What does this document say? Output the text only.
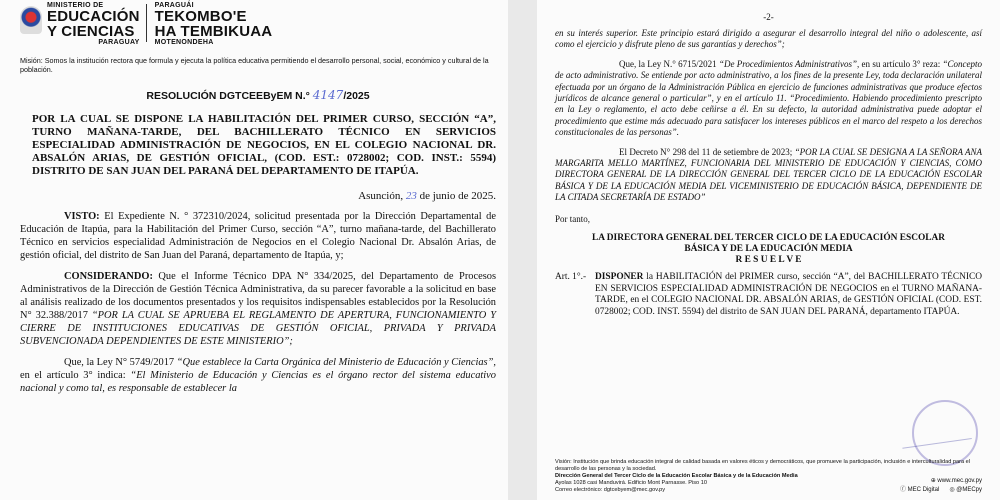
MINISTERIO DE
EDUCACIÓN
Y CIENCIAS
PARAGUAY
PARAGUÁI
TEKOMBO'E
HA TEMBIKUAA
MOTENONDEHA
Misión: Somos la institución rectora que formula y ejecuta la política educativa permitiendo el desarrollo personal, social, económico y cultural de la población.
RESOLUCIÓN DGTCEEByEM N.° 4147/2025
POR LA CUAL SE DISPONE LA HABILITACIÓN DEL PRIMER CURSO, SECCIÓN “A”, TURNO MAÑANA-TARDE, DEL BACHILLERATO TÉCNICO EN SERVICIOS ESPECIALIDAD ADMINISTRACIÓN DE NEGOCIOS, EN EL COLEGIO NACIONAL DR. ABSALÓN ARIAS, DE GESTIÓN OFICIAL, (COD. EST.: 0728002; COD. INST.: 5594) DISTRITO DE SAN JUAN DEL PARANÁ DEL DEPARTAMENTO DE ITAPÚA.
Asunción, 23 de junio de 2025.
VISTO: El Expediente N. ° 372310/2024, solicitud presentada por la Dirección Departamental de Educación de Itapúa, para la Habilitación del Primer Curso, sección “A”, turno mañana-tarde, del Bachillerato Técnico en servicios especialidad Administración de Negocios en el Colegio Nacional Dr. Absalón Arias, de gestión oficial, del distrito de San Juan del Paraná, departamento de Itapúa, y;
CONSIDERANDO: Que el Informe Técnico DPA N° 334/2025, del Departamento de Procesos Administrativos de la Dirección de Gestión Técnica Administrativa, da su parecer favorable a la solicitud en base al análisis realizado de los documentos presentados y los requisitos indispensables establecidos por la Resolución N° 32.388/2017 “POR LA CUAL SE APRUEBA EL REGLAMENTO DE APERTURA, FUNCIONAMIENTO Y CIERRE DE INSTITUCIONES EDUCATIVAS DE GESTIÓN OFICIAL, PRIVADA Y PRIVADA SUBVENCIONADA DEPENDIENTES DE ESTE MINISTERIO”;
Que, la Ley N° 5749/2017 “Que establece la Carta Orgánica del Ministerio de Educación y Ciencias”, en el artículo 3° indica: “El Ministerio de Educación y Ciencias es el órgano rector del sistema educativo nacional y como tal, es responsable de establecer la
-2-
en su interés superior. Este principio estará dirigido a asegurar el desarrollo integral del niño o adolescente, así como el ejercicio y disfrute pleno de sus garantías y derechos”;
Que, la Ley N.° 6715/2021 “De Procedimientos Administrativos”, en su artículo 3° reza: “Concepto de acto administrativo. Se entiende por acto administrativo, a los fines de la presente Ley, toda declaración unilateral efectuada por un órgano de la Administración Pública en ejercicio de funciones administrativas que produce efectos jurídicos de alcance general o particular”, y en el artículo 11. “Procedimiento. Habiendo procedimiento prescripto en la Ley o reglamento, el acto debe ceñirse a él. En su defecto, la autoridad administrativa puede adoptar el procedimiento que estime más adecuado para satisfacer los intereses públicos en el marco del respeto a los derechos constitucionales de las personas”.
El Decreto N° 298 del 11 de setiembre de 2023; “POR LA CUAL SE DESIGNA A LA SEÑORA ANA MARGARITA MELLO MARTÍNEZ, FUNCIONARIA DEL MINISTERIO DE EDUCACIÓN Y CIENCIAS, COMO DIRECTORA GENERAL DE LA DIRECCIÓN GENERAL DEL TERCER CICLO DE LA EDUCACIÓN ESCOLAR BÁSICA Y DE LA EDUCACIÓN MEDIA DEL VICEMINISTERIO DE EDUCACIÓN BÁSICA, DEPENDIENTE DE LA CITADA SECRETARÍA DE ESTADO”
Por tanto,
LA DIRECTORA GENERAL DEL TERCER CICLO DE LA EDUCACIÓN ESCOLAR
BÁSICA Y DE LA EDUCACIÓN MEDIA
R E S U E L V E
Art. 1°.- DISPONER la HABILITACIÓN del PRIMER curso, sección “A”, del BACHILLERATO TÉCNICO EN SERVICIOS ESPECIALIDAD ADMINISTRACIÓN DE NEGOCIOS en el TURNO MAÑANA-TARDE, en el COLEGIO NACIONAL DR. ABSALÓN ARIAS, de GESTIÓN OFICIAL (COD. EST. 0728002; COD. INST. 5594) del distrito de SAN JUAN DEL PARANÁ, departamento ITAPÚA.
Visión: Institución que brinda educación integral de calidad basada en valores éticos y democráticos, que promueve la participación, inclusión e interculturalidad para el desarrollo de las personas y la sociedad.
Dirección General del Tercer Ciclo de la Educación Escolar Básica y de la Educación Media
Ayolas 1028 casi Manduvirá. Edificio Mont Parnasse. Piso 10
Correo electrónico: dgtcebyem@mec.gov.py
⊕ www.mec.gov.py
ⓕ MEC Digital ◎ @MECpy
